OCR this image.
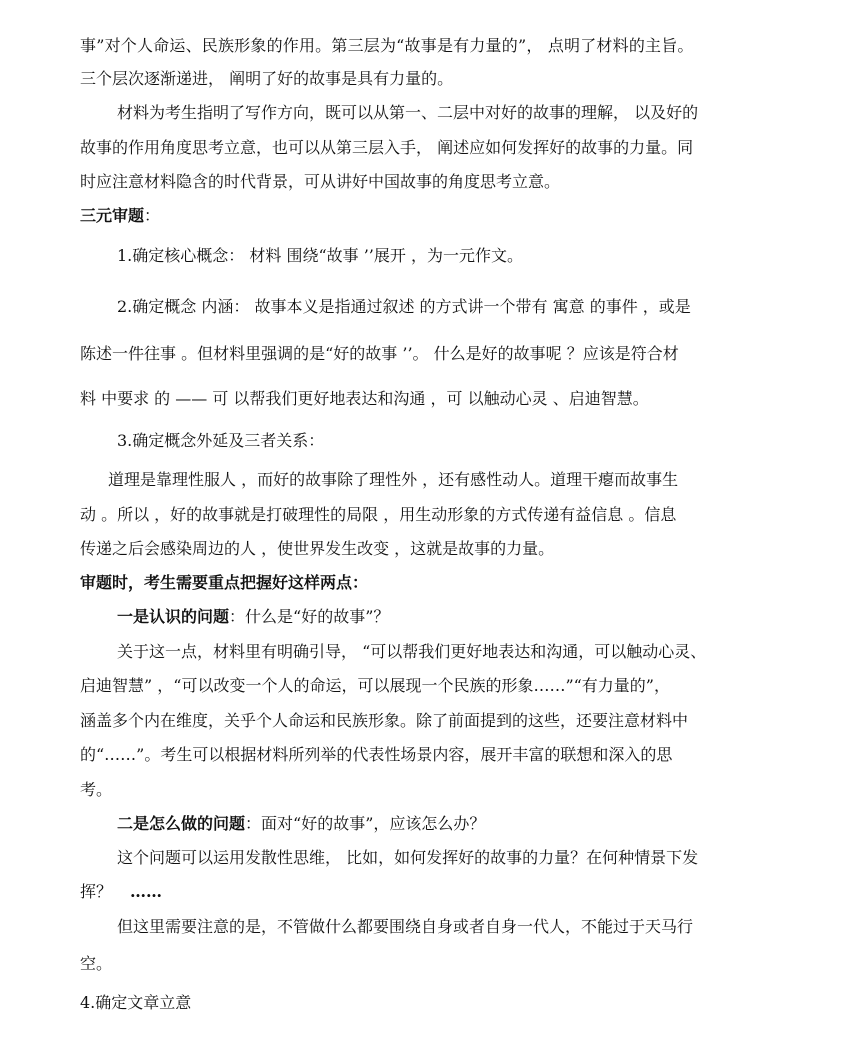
事”对个人命运、民族形象的作用。第三层为“故事是有力量的”， 点明了材料的主旨。
三个层次逐渐递进， 阐明了好的故事是具有力量的。
材料为考生指明了写作方向，既可以从第一、二层中对好的故事的理解， 以及好的
故事的作用角度思考立意，也可以从第三层入手， 阐述应如何发挥好的故事的力量。同
时应注意材料隐含的时代背景，可从讲好中国故事的角度思考立意。
三元审题：
1.确定核心概念： 材料 围绕“故事 ’’展开 ，为一元作文。
2.确定概念 内涵： 故事本义是指通过叙述 的方式讲一个带有 寓意 的事件 ，或是
陈述一件往事 。但材料里强调的是“好的故事 ’’。 什么是好的故事呢 ？应该是符合材
料 中要求 的 —— 可 以帮我们更好地表达和沟通 ，可 以触动心灵 、启迪智慧。
3.确定概念外延及三者关系：
道理是靠理性服人 ，而好的故事除了理性外 ，还有感性动人。道理干瘪而故事生
动 。所以 ，好的故事就是打破理性的局限 ，用生动形象的方式传递有益信息 。信息
传递之后会感染周边的人 ，使世界发生改变 ，这就是故事的力量。
审题时，考生需要重点把握好这样两点：
一是认识的问题：什么是“好的故事”？
关于这一点，材料里有明确引导， “可以帮我们更好地表达和沟通，可以触动心灵、
启迪智慧” ，“可以改变一个人的命运，可以展现一个民族的形象……”“有力量的”，
涵盖多个内在维度，关乎个人命运和民族形象。除了前面提到的这些，还要注意材料中
的“……”。考生可以根据材料所列举的代表性场景内容，展开丰富的联想和深入的思
考。
二是怎么做的问题：面对“好的故事”，应该怎么办？
这个问题可以运用发散性思维， 比如，如何发挥好的故事的力量？在何种情景下发
挥？ ……
但这里需要注意的是，不管做什么都要围绕自身或者自身一代人，不能过于天马行
空。
4.确定文章立意
